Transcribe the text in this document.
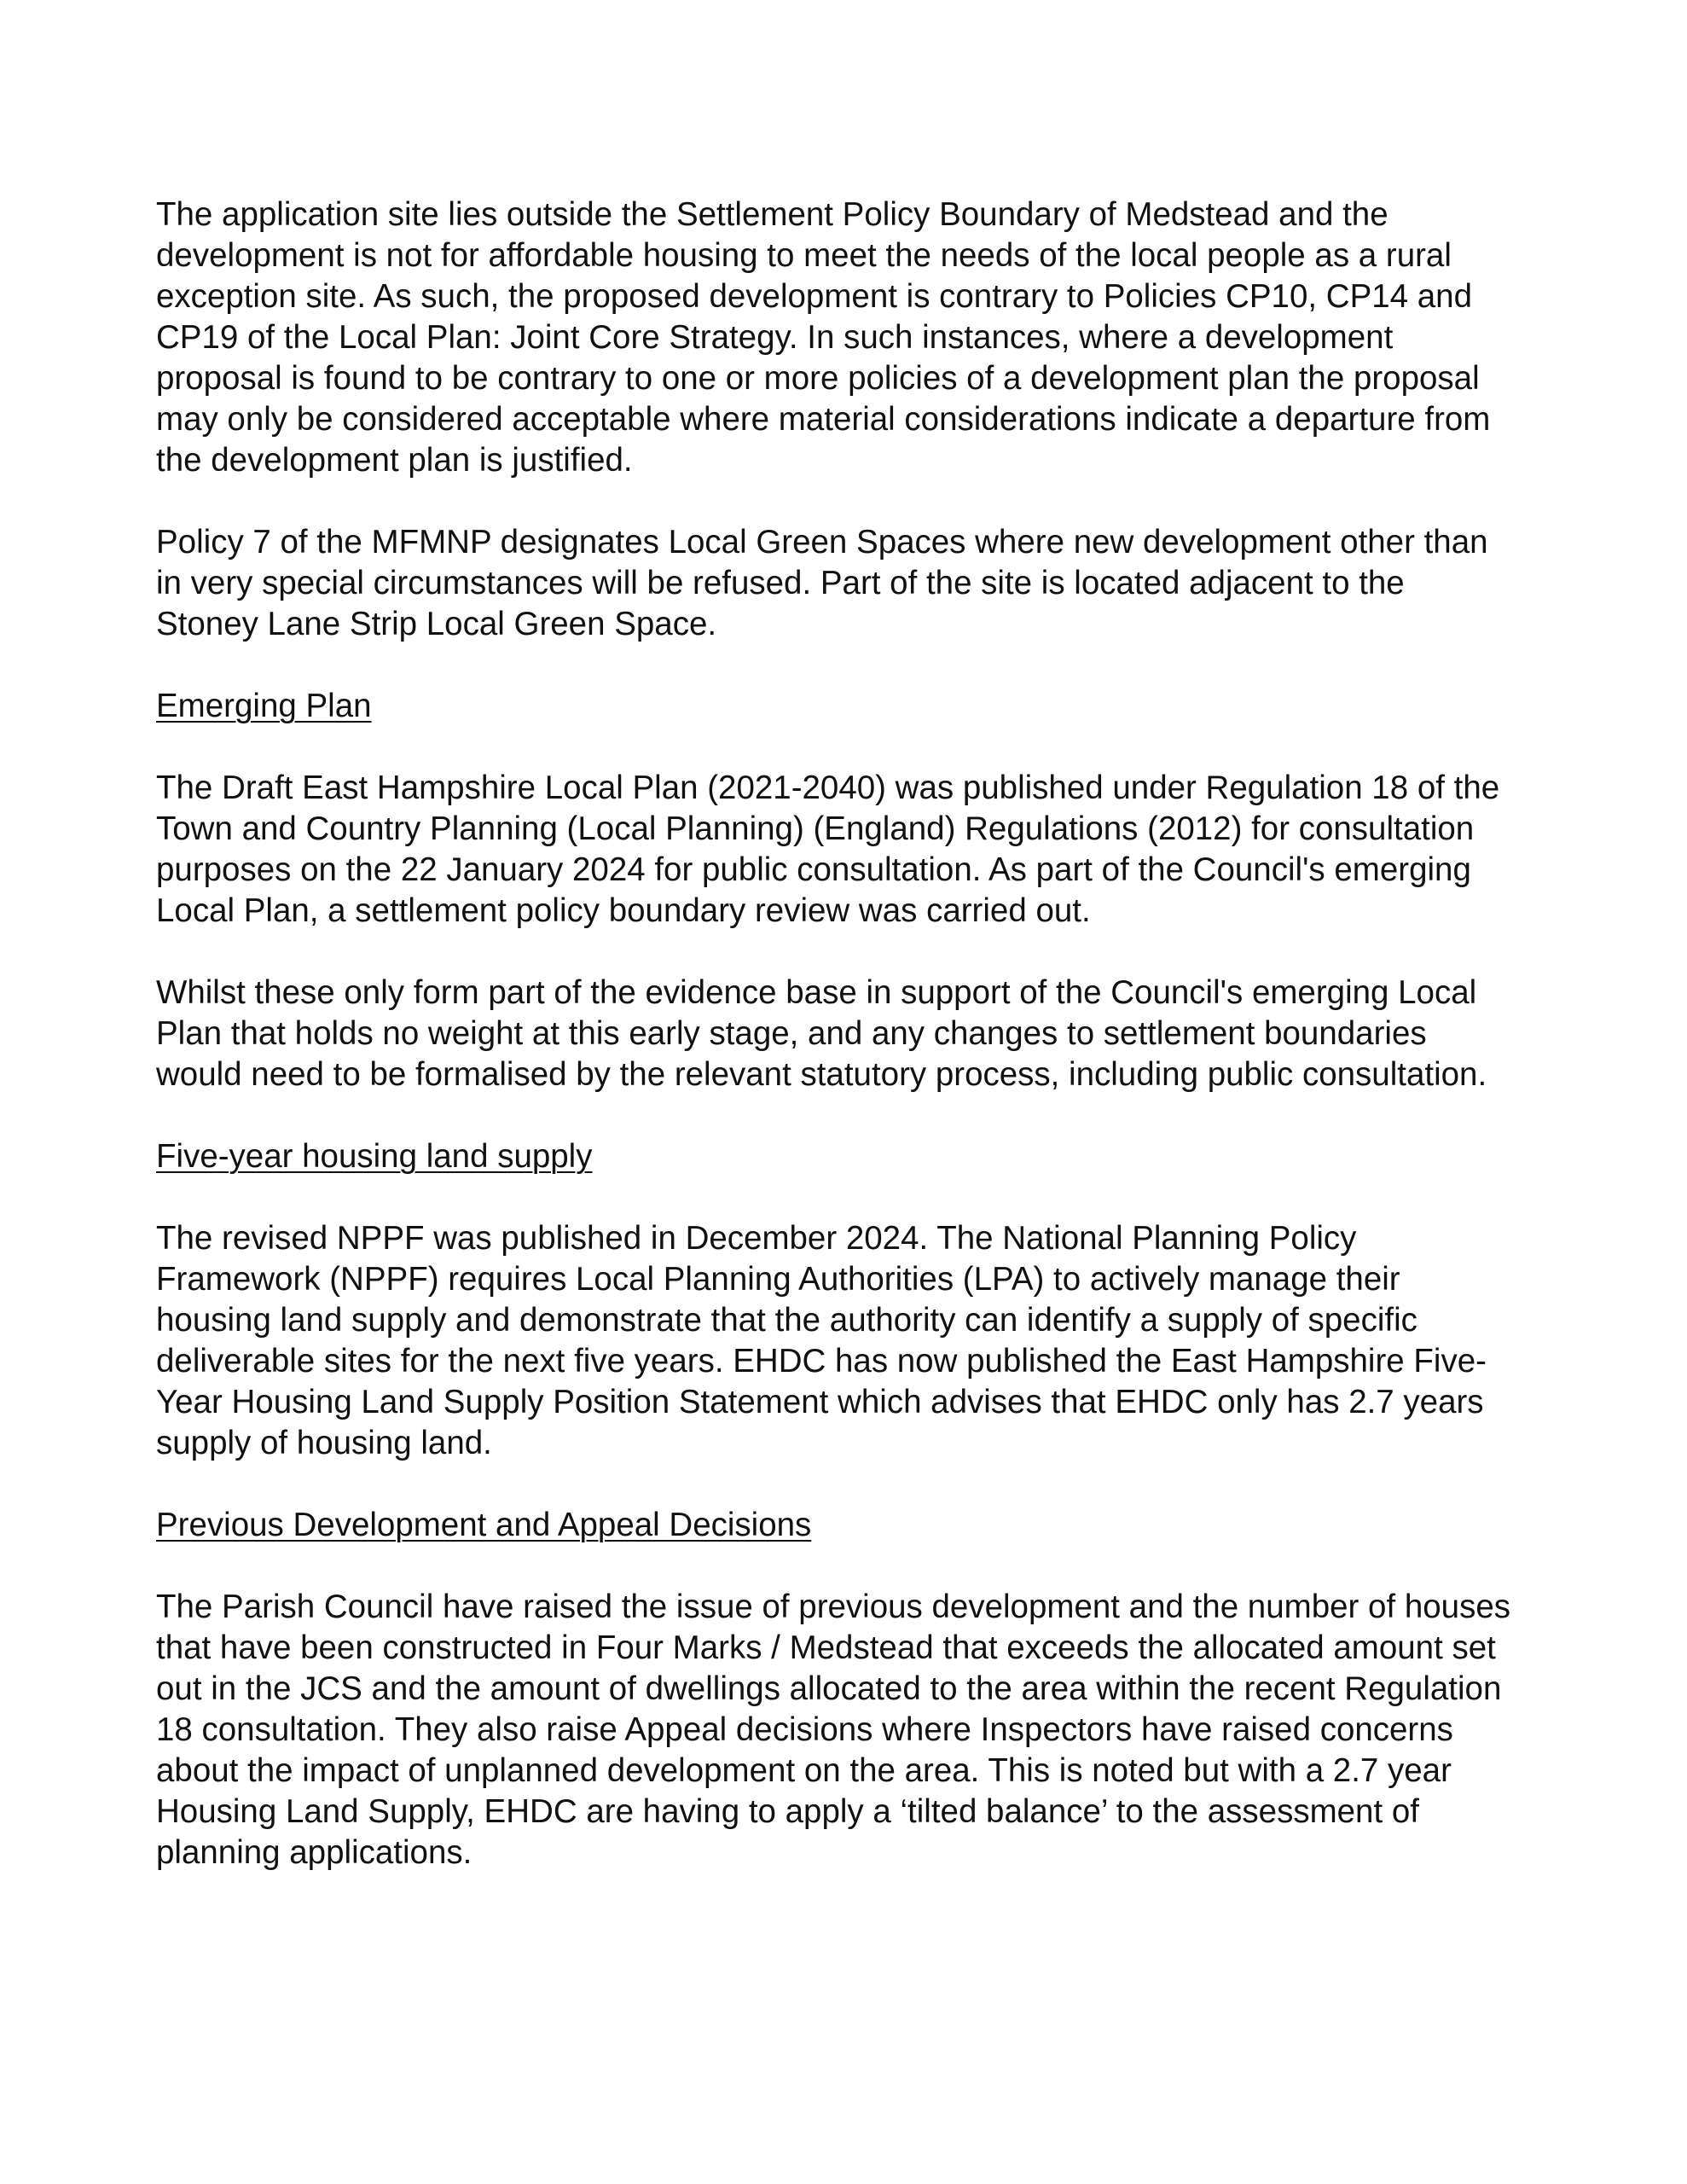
The application site lies outside the Settlement Policy Boundary of Medstead and the
development is not for affordable housing to meet the needs of the local people as a rural
exception site. As such, the proposed development is contrary to Policies CP10, CP14 and
CP19 of the Local Plan: Joint Core Strategy. In such instances, where a development
proposal is found to be contrary to one or more policies of a development plan the proposal
may only be considered acceptable where material considerations indicate a departure from
the development plan is justified.

Policy 7 of the MFMNP designates Local Green Spaces where new development other than
in very special circumstances will be refused. Part of the site is located adjacent to the
Stoney Lane Strip Local Green Space.

Emerging Plan

The Draft East Hampshire Local Plan (2021-2040) was published under Regulation 18 of the
Town and Country Planning (Local Planning) (England) Regulations (2012) for consultation
purposes on the 22 January 2024 for public consultation. As part of the Council's emerging
Local Plan, a settlement policy boundary review was carried out.

Whilst these only form part of the evidence base in support of the Council's emerging Local
Plan that holds no weight at this early stage, and any changes to settlement boundaries
would need to be formalised by the relevant statutory process, including public consultation.

Five-year housing land supply

The revised NPPF was published in December 2024. The National Planning Policy
Framework (NPPF) requires Local Planning Authorities (LPA) to actively manage their
housing land supply and demonstrate that the authority can identify a supply of specific
deliverable sites for the next five years. EHDC has now published the East Hampshire Five-
Year Housing Land Supply Position Statement which advises that EHDC only has 2.7 years
supply of housing land.

Previous Development and Appeal Decisions

The Parish Council have raised the issue of previous development and the number of houses
that have been constructed in Four Marks / Medstead that exceeds the allocated amount set
out in the JCS and the amount of dwellings allocated to the area within the recent Regulation
18 consultation. They also raise Appeal decisions where Inspectors have raised concerns
about the impact of unplanned development on the area. This is noted but with a 2.7 year
Housing Land Supply, EHDC are having to apply a ‘tilted balance’ to the assessment of
planning applications.
